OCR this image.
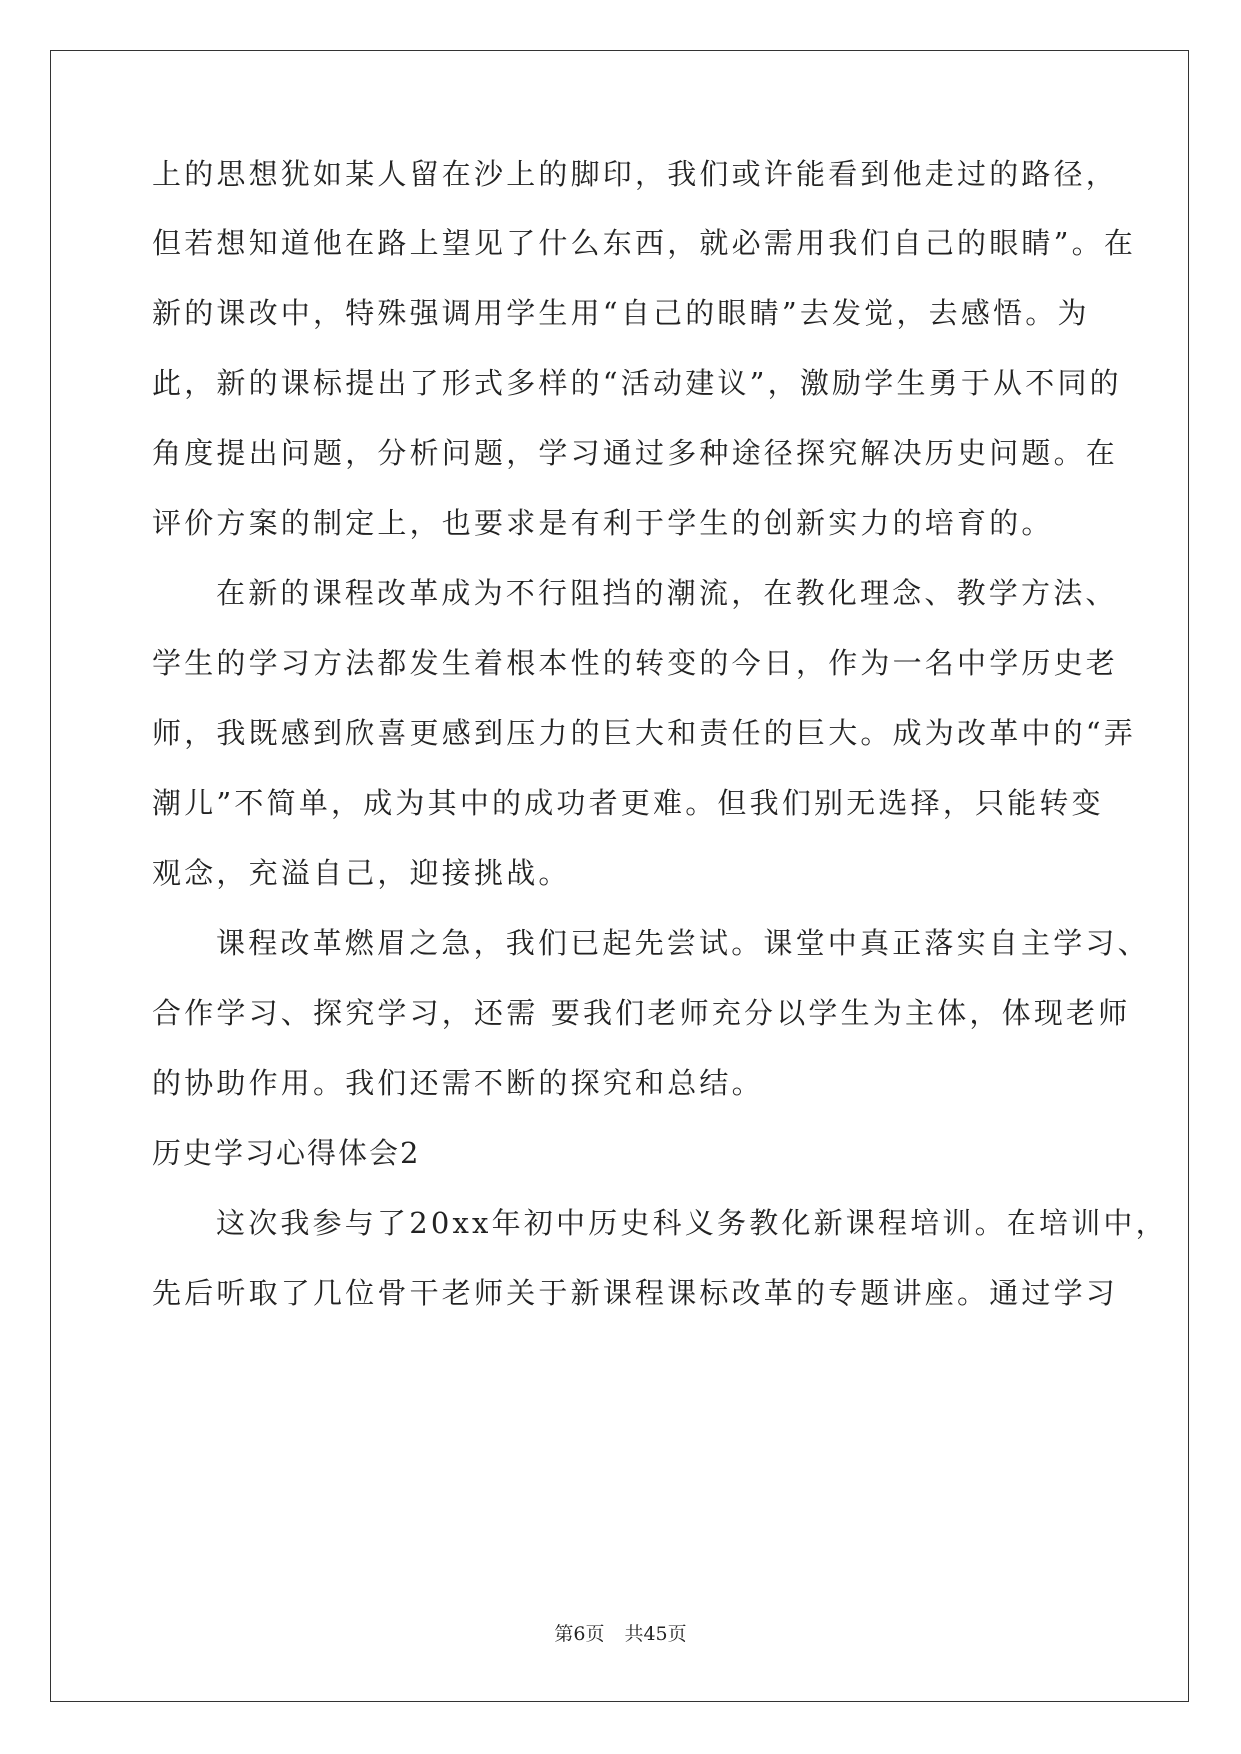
上的思想犹如某人留在沙上的脚印，我们或许能看到他走过的路径，
但若想知道他在路上望见了什么东西，就必需用我们自己的眼睛”。在
新的课改中，特殊强调用学生用“自己的眼睛”去发觉，去感悟。为
此，新的课标提出了形式多样的“活动建议”，激励学生勇于从不同的
角度提出问题，分析问题，学习通过多种途径探究解决历史问题。在
评价方案的制定上，也要求是有利于学生的创新实力的培育的。
在新的课程改革成为不行阻挡的潮流，在教化理念、教学方法、
学生的学习方法都发生着根本性的转变的今日，作为一名中学历史老
师，我既感到欣喜更感到压力的巨大和责任的巨大。成为改革中的“弄
潮儿”不简单，成为其中的成功者更难。但我们别无选择，只能转变
观念，充溢自己，迎接挑战。
课程改革燃眉之急，我们已起先尝试。课堂中真正落实自主学习、
合作学习、探究学习，还需 要我们老师充分以学生为主体，体现老师
的协助作用。我们还需不断的探究和总结。
历史学习心得体会2
这次我参与了20xx年初中历史科义务教化新课程培训。在培训中，
先后听取了几位骨干老师关于新课程课标改革的专题讲座。通过学习
第6页 共45页
